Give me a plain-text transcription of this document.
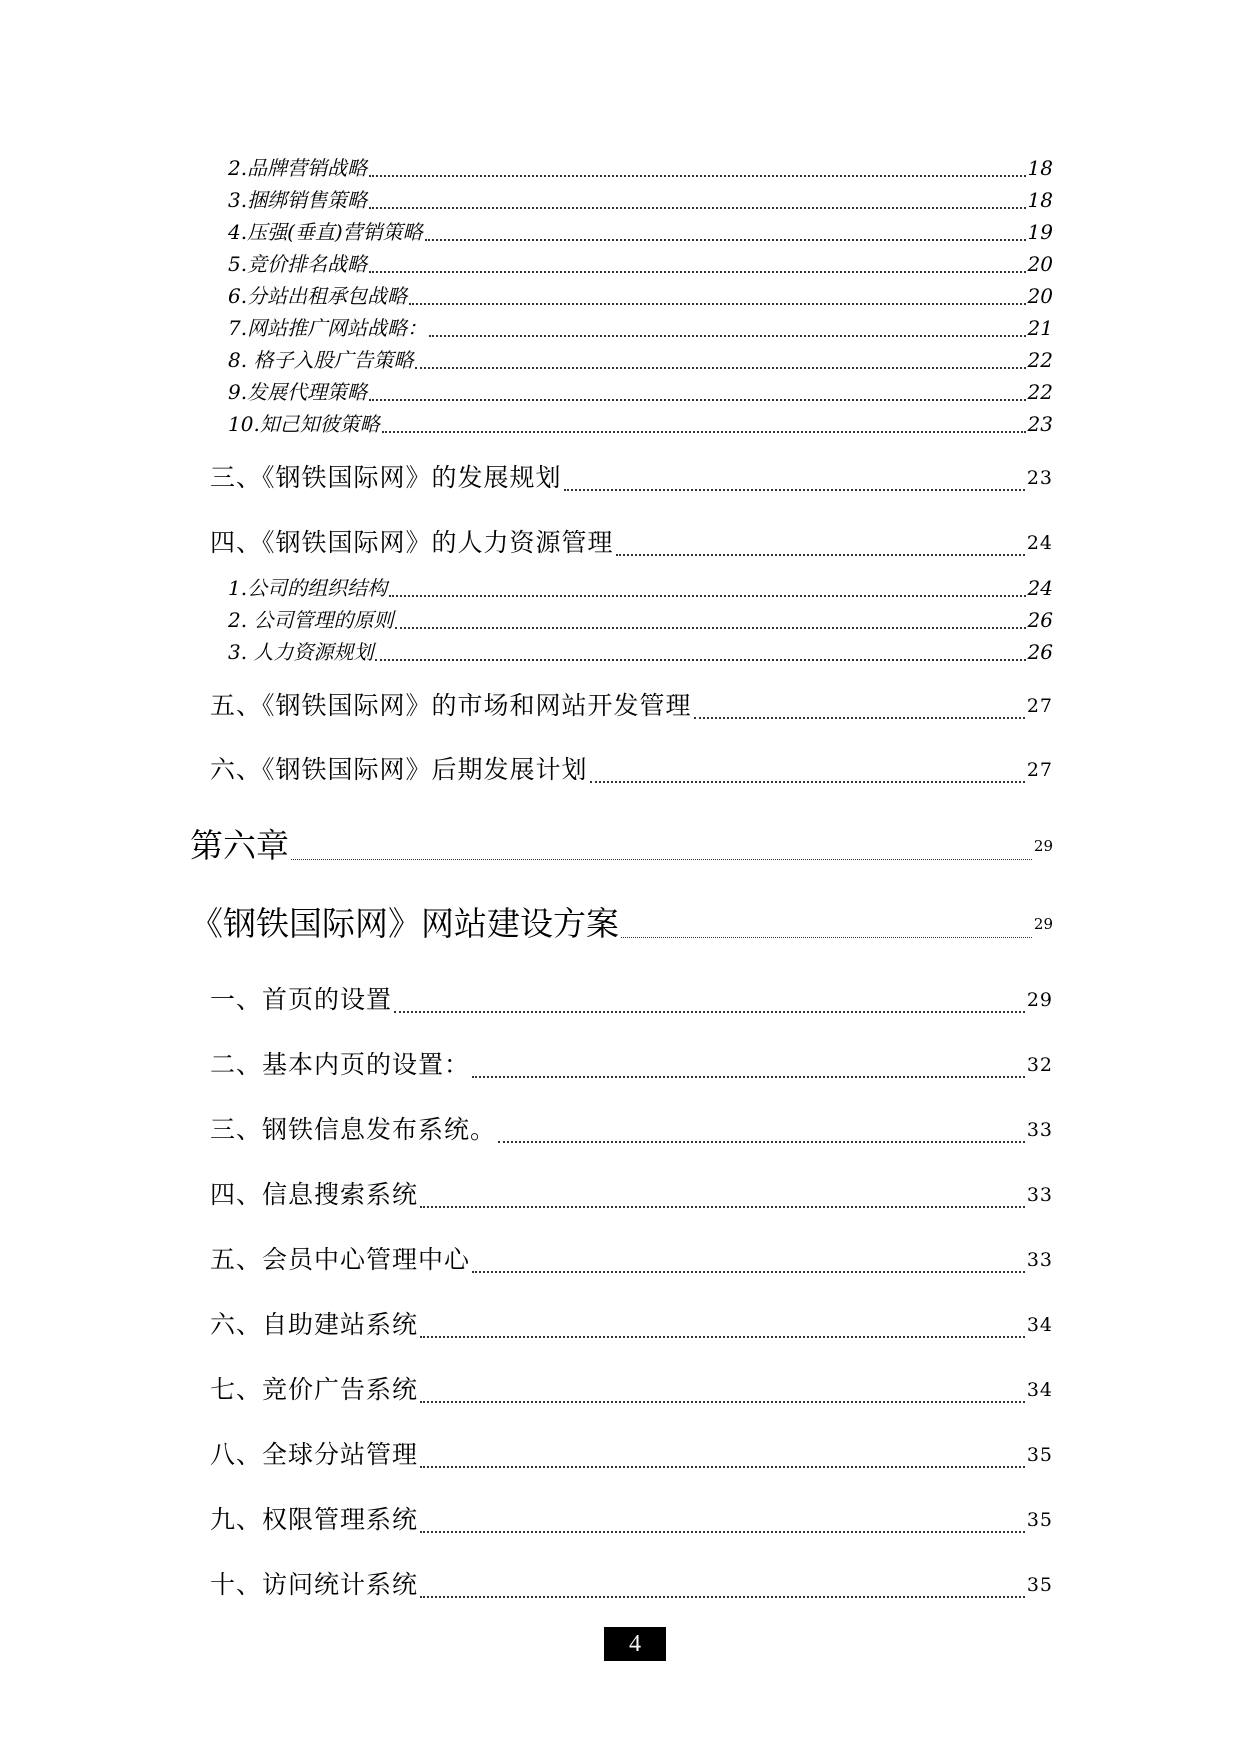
2.品牌营销战略	18
3.捆绑销售策略	18
4.压强(垂直)营销策略	19
5.竞价排名战略	20
6.分站出租承包战略	20
7.网站推广网站战略：	21
8. 格子入股广告策略	22
9.发展代理策略	22
10.知己知彼策略	23
三、《钢铁国际网》的发展规划	23
四、《钢铁国际网》的人力资源管理	24
1.公司的组织结构	24
2. 公司管理的原则	26
3. 人力资源规划	26
五、《钢铁国际网》的市场和网站开发管理	27
六、《钢铁国际网》后期发展计划	27
第六章	29
《钢铁国际网》网站建设方案	29
一、首页的设置	29
二、基本内页的设置：	32
三、钢铁信息发布系统。	33
四、信息搜索系统	33
五、会员中心管理中心	33
六、自助建站系统	34
七、竞价广告系统	34
八、全球分站管理	35
九、权限管理系统	35
十、访问统计系统	35
4
